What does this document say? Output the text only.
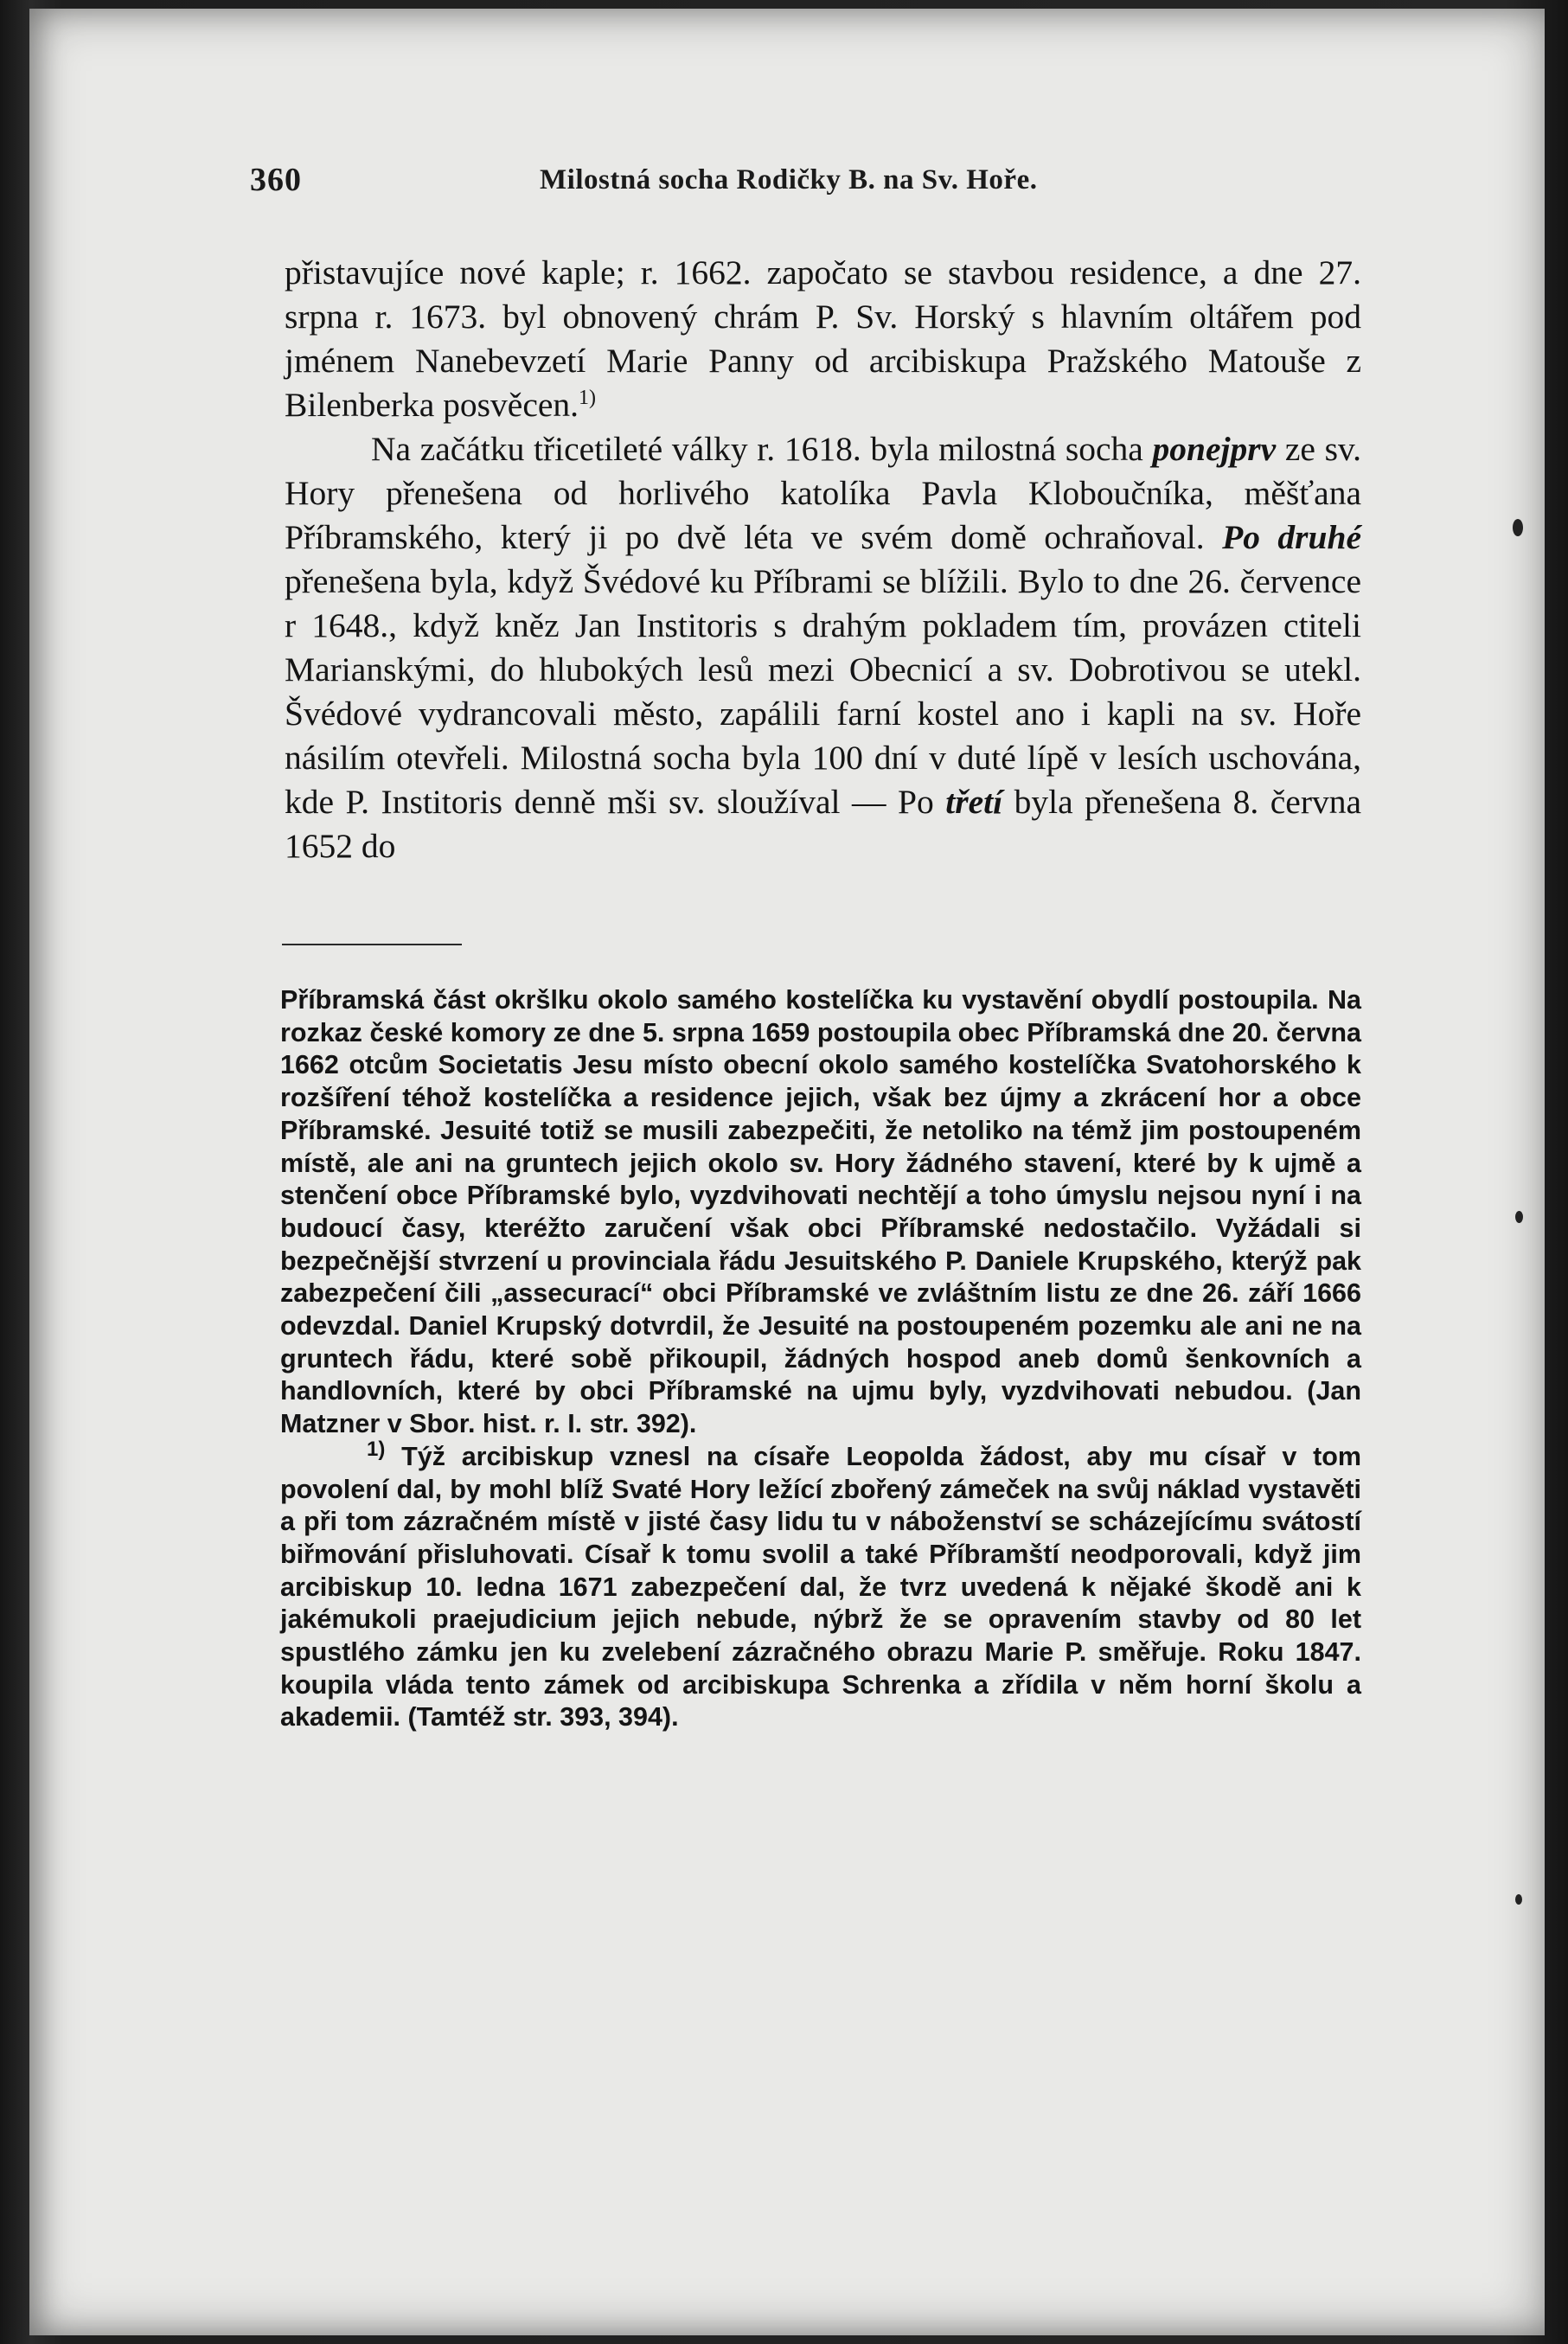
360	Milostná socha Rodičky B. na Sv. Hoře.

přistavujíce nové kaple; r. 1662. započato se stavbou residence, a dne 27. srpna r. 1673. byl obnovený chrám P. Sv. Horský s hlavním oltářem pod jménem Nanebevzetí Marie Panny od arcibiskupa Pražského Matouše z Bilenberka posvěcen.$^{1)}$

Na začátku třicetileté války r. 1618. byla milostná socha ponejprv ze sv. Hory přenešena od horlivého katolíka Pavla Kloboučníka, měšťana Příbramského, který ji po dvě léta ve svém domě ochraňoval. Po druhé přenešena byla, když Švédové ku Příbrami se blížili. Bylo to dne 26. července r 1648., když kněz Jan Institoris s drahým pokladem tím, provázen ctiteli Marianskými, do hlubokých lesů mezi Obecnicí a sv. Dobrotivou se utekl. Švédové vydrancovali město, zapálili farní kostel ano i kapli na sv. Hoře násilím otevřeli. Milostná socha byla 100 dní v duté lípě v lesích uschována, kde P. Institoris denně mši sv. sloužíval — Po třetí byla přenešena 8. června 1652 do

Příbramská část okršlku okolo samého kostelíčka ku vystavění obydlí postoupila. Na rozkaz české komory ze dne 5. srpna 1659 postoupila obec Příbramská dne 20. června 1662 otcům Societatis Jesu místo obecní okolo samého kostelíčka Svatohorského k rozšíření téhož kostelíčka a residence jejich, však bez újmy a zkrácení hor a obce Příbramské. Jesuité totiž se musili zabezpečiti, že netoliko na témž jim postoupeném místě, ale ani na gruntech jejich okolo sv. Hory žádného stavení, které by k ujmě a stenčení obce Příbramské bylo, vyzdvihovati nechtějí a toho úmyslu nejsou nyní i na budoucí časy, kteréžto zaručení však obci Příbramské nedostačilo. Vyžádali si bezpečnější stvrzení u provinciala řádu Jesuitského P. Daniele Krupského, kterýž pak zabezpečení čili „assecurací“ obci Příbramské ve zvláštním listu ze dne 26. září 1666 odevzdal. Daniel Krupský dotvrdil, že Jesuité na postoupeném pozemku ale ani ne na gruntech řádu, které sobě přikoupil, žádných hospod aneb domů šenkovních a handlovních, které by obci Příbramské na ujmu byly, vyzdvihovati nebudou. (Jan Matzner v Sbor. hist. r. I. str. 392).

$^{1)}$ Týž arcibiskup vznesl na císaře Leopolda žádost, aby mu císař v tom povolení dal, by mohl blíž Svaté Hory ležící zbořený zámeček na svůj náklad vystavěti a při tom zázračném místě v jisté časy lidu tu v náboženství se scházejícímu svátostí biřmování přisluhovati. Císař k tomu svolil a také Příbramští neodporovali, když jim arcibiskup 10. ledna 1671 zabezpečení dal, že tvrz uvedená k nějaké škodě ani k jakémukoli praejudicium jejich nebude, nýbrž že se opravením stavby od 80 let spustlého zámku jen ku zvelebení zázračného obrazu Marie P. směřuje. Roku 1847. koupila vláda tento zámek od arcibiskupa Schrenka a zřídila v něm horní školu a akademii. (Tamtéž str. 393, 394).
